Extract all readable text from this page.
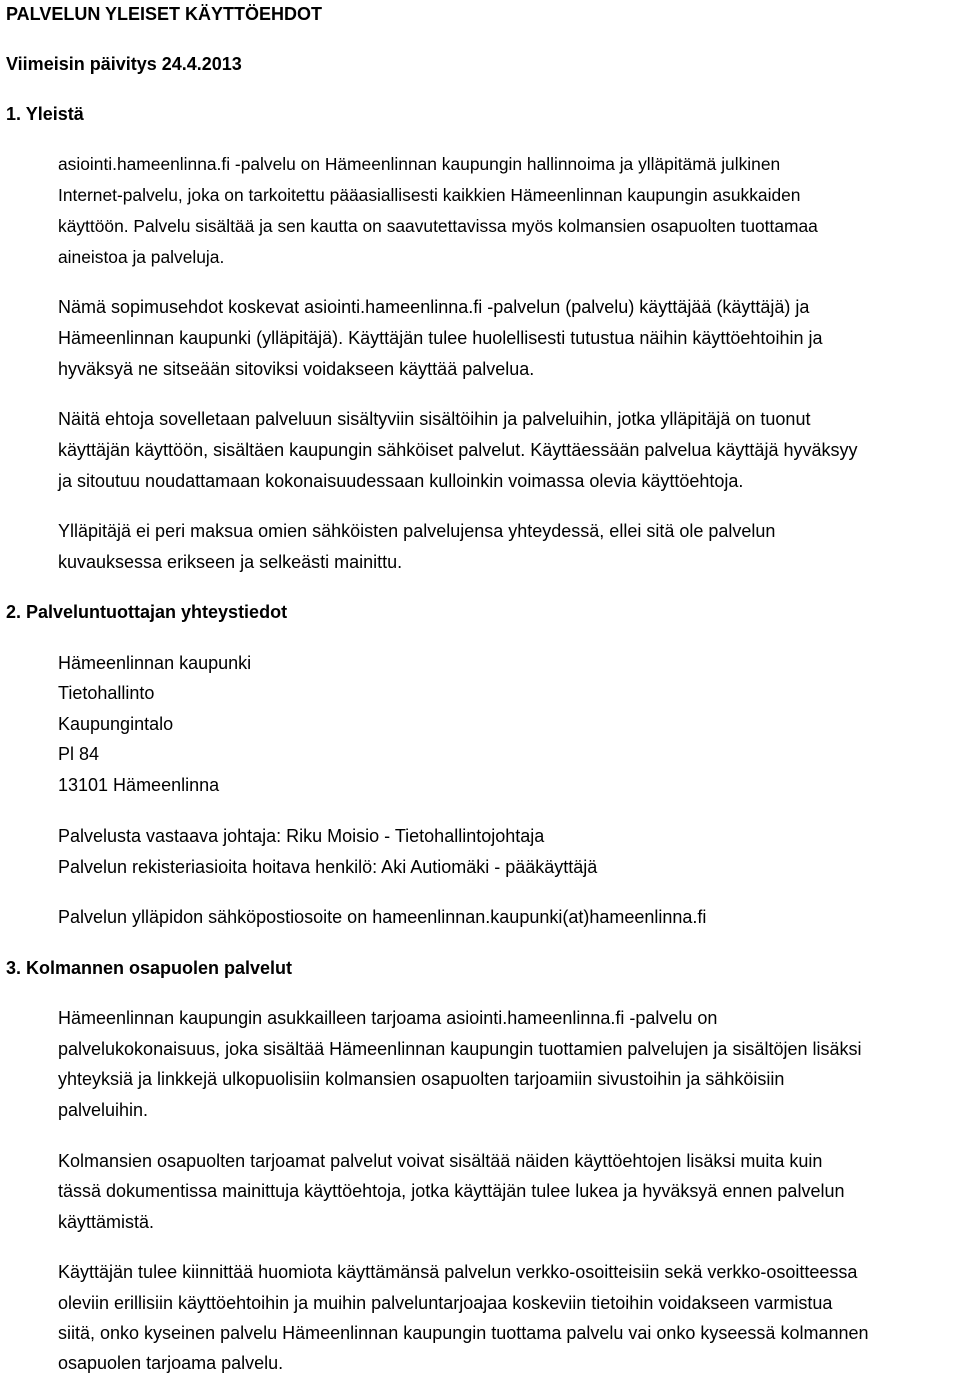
PALVELUN YLEISET KÄYTTÖEHDOT
Viimeisin päivitys 24.4.2013
1. Yleistä
asiointi.hameenlinna.fi -palvelu on Hämeenlinnan kaupungin hallinnoima ja ylläpitämä julkinen
Internet-palvelu, joka on tarkoitettu pääasiallisesti kaikkien Hämeenlinnan kaupungin asukkaiden
käyttöön. Palvelu sisältää ja sen kautta on saavutettavissa myös kolmansien osapuolten tuottamaa
aineistoa ja palveluja.
Nämä sopimusehdot koskevat asiointi.hameenlinna.fi -palvelun (palvelu) käyttäjää (käyttäjä) ja
Hämeenlinnan kaupunki (ylläpitäjä). Käyttäjän tulee huolellisesti tutustua näihin käyttöehtoihin ja
hyväksyä ne sitseään sitoviksi voidakseen käyttää palvelua.
Näitä ehtoja sovelletaan palveluun sisältyviin sisältöihin ja palveluihin, jotka ylläpitäjä on tuonut
käyttäjän käyttöön, sisältäen kaupungin sähköiset palvelut. Käyttäessään palvelua käyttäjä hyväksyy
ja sitoutuu noudattamaan kokonaisuudessaan kulloinkin voimassa olevia käyttöehtoja.
Ylläpitäjä ei peri maksua omien sähköisten palvelujensa yhteydessä, ellei sitä ole palvelun
kuvauksessa erikseen ja selkeästi mainittu.
2. Palveluntuottajan yhteystiedot
Hämeenlinnan kaupunki
Tietohallinto
Kaupungintalo
Pl 84
13101 Hämeenlinna
Palvelusta vastaava johtaja: Riku Moisio - Tietohallintojohtaja
Palvelun rekisteriasioita hoitava henkilö: Aki Autiomäki - pääkäyttäjä
Palvelun ylläpidon sähköpostiosoite on hameenlinnan.kaupunki(at)hameenlinna.fi
3. Kolmannen osapuolen palvelut
Hämeenlinnan kaupungin asukkailleen tarjoama asiointi.hameenlinna.fi -palvelu on
palvelukokonaisuus, joka sisältää Hämeenlinnan kaupungin tuottamien palvelujen ja sisältöjen lisäksi
yhteyksiä ja linkkejä ulkopuolisiin kolmansien osapuolten tarjoamiin sivustoihin ja sähköisiin
palveluihin.
Kolmansien osapuolten tarjoamat palvelut voivat sisältää näiden käyttöehtojen lisäksi muita kuin
tässä dokumentissa mainittuja käyttöehtoja, jotka käyttäjän tulee lukea ja hyväksyä ennen palvelun
käyttämistä.
Käyttäjän tulee kiinnittää huomiota käyttämänsä palvelun verkko-osoitteisiin sekä verkko-osoitteessa
oleviin erillisiin käyttöehtoihin ja muihin palveluntarjoajaa koskeviin tietoihin voidakseen varmistua
siitä, onko kyseinen palvelu Hämeenlinnan kaupungin tuottama palvelu vai onko kyseessä kolmannen
osapuolen tarjoama palvelu.
